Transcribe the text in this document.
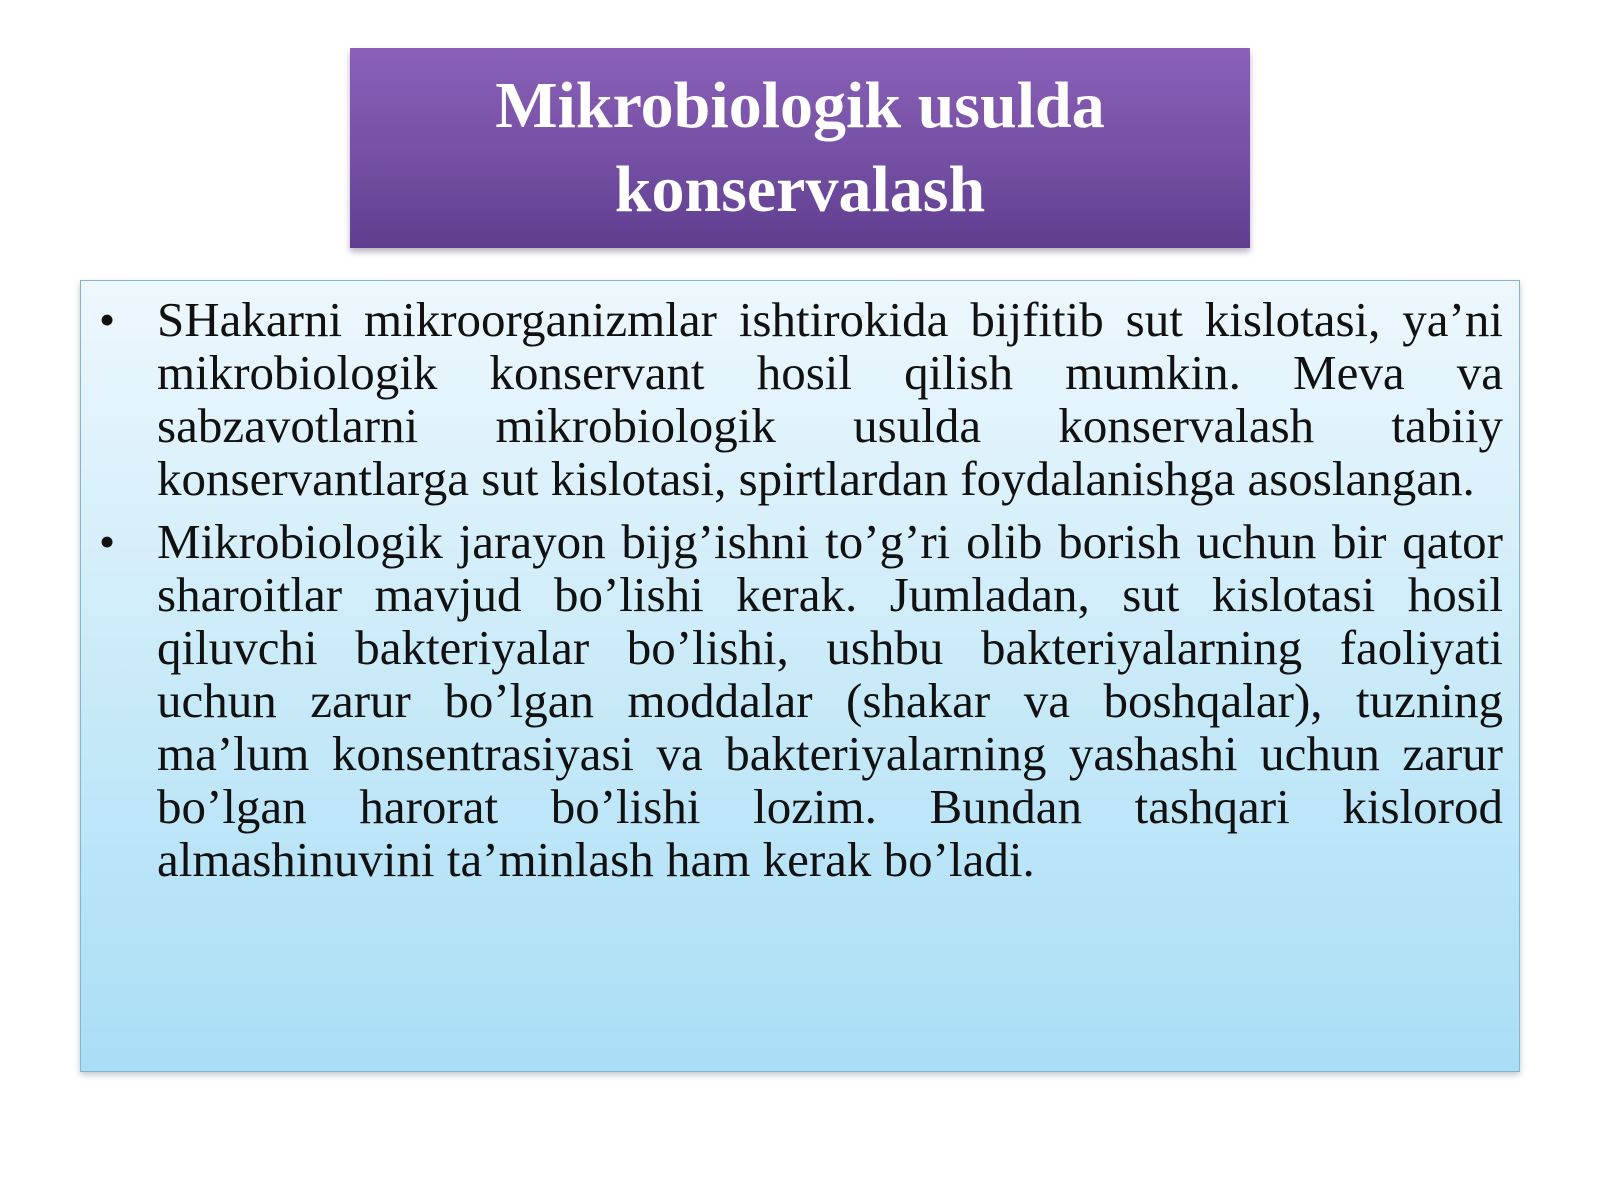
Mikrobiologik usulda konservalash
• SHakarni mikroorganizmlar ishtirokida bijfitib sut kislotasi, ya’ni mikrobiologik konservant hosil qilish mumkin. Meva va sabzavotlarni mikrobiologik usulda konservalash tabiiy konservantlarga sut kislotasi, spirtlardan foydalanishga asoslangan.
• Mikrobiologik jarayon bijg’ishni to’g’ri olib borish uchun bir qator sharoitlar mavjud bo’lishi kerak. Jumladan, sut kislotasi hosil qiluvchi bakteriyalar bo’lishi, ushbu bakteriyalarning faoliyati uchun zarur bo’lgan moddalar (shakar va boshqalar), tuzning ma’lum konsentrasiyasi va bakteriyalarning yashashi uchun zarur bo’lgan harorat bo’lishi lozim. Bundan tashqari kislorod almashinuvini ta’minlash ham kerak bo’ladi.
